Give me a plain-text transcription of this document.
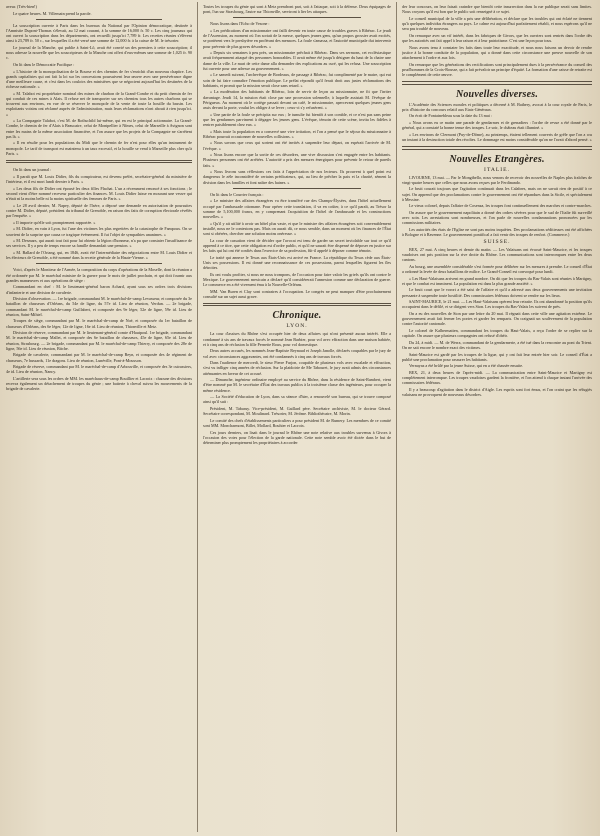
aveur. (Très-bien!)

Le quatre heures. M. Villemain prend la parole.

La souscription ouverte à Paris dans les bureaux du National par l'Opinion démocratique, destinée à l'Amnistie Dupont-Thomas s'élevait, au 12 mai courant, à la somme de 16,000 fr. 50 c. Les cinq journaux qui ont ouvert la souscription dans les départements, ont recueilli jusqu'ici 7,789 fr. Les recettes réunies s'élèvent ainsi à 23,789 fr. 50 c., sur lesquelles il a été versé une somme de 12,000 fr. à la caisse de M. le trésorier.

Le journal de la Manche, qui publie à Saint-Lô, avait été convié un des premiers à cette souscription; il nous adresse la nouvelle que les souscripteurs de la Manche ont offert d'eux-mêmes une somme de 1,025 fr. 90 c.

On lit dans le Démocratie Pacifique :

« L'histoire de la monopolisation de la Bourse et des chemins de fer s'enrichit d'un nouveau chapitre. Les grands capitalistes qui ont fait la loi sur les concessions poursuivent leur œuvre avec une persévérance digne d'une meilleure cause, et c'est dans les couloirs des ministères que se négocient aujourd'hui les destinées de la richesse nationale. »

« M. Talabot est propriétaire nominal des mines de charbon de la Grand-Combe et du petit chemin de fer qui conduit de ces mines à Alais. Il refuse net de transporter sur ses chemins tous les autres charbons qui se trouvent aux environs, en vue de se réserver le monopole de la vente de toute la houille du bassin. Les exploitants voisins ont réclamé auprès de l'administration, mais leurs réclamations n'ont abouti à rien jusqu'ici. »

« La Compagnie Talabot, c'est M. de Rothschild lui-même, qui en est le principal actionnaire. La Grand-Combe, le chemin de fer d'Alais à Beaucaire, celui de Montpellier à Nîmes, celui de Marseille à Avignon sont entre les mains de la même association financière, et l'on assure que les projets de la Compagnie ne s'arrêtent pas là. »

« Il en résulte pour les populations du Midi que le chemin de fer n'est pour elles qu'un instrument de monopole. Le tarif de transport est maintenu à un taux excessif, et la houille se vend à Marseille plus cher qu'à Paris. »

On lit dans un journal :

« Il paraît que M. Louis Didier, fils du conspirateur, est devenu préfet, secrétaire-général du ministère de l'intérieur, et il est mort lundi dernier à Paris. »

« Les deux fils de Didier ont épousé les deux filles Flachat. L'un a récemment renoncé à ses fonctions ; le second vient d'être nommé receveur particulier des finances. M. Louis Didier laisse en mourant une veuve qui n'était ni la moins belle ni la moins spirituelle des femmes de Paris. »

« Le 28 avril dernier, M. Napey, député de l'Isère, a déposé une demande en autorisation de poursuites contre M. Didier, député, président du tribunal de Grenoble, en raison des faits de corruption électorale révélés par l'enquête. »

« Il importe qu'elle soit promptement rapportée. »

« M. Didier, en vain à Lyon, fut l'une des victimes les plus regrettées de la catastrophe de Fampoux. On se souvient de la surprise que causa ce tragique événement. Il fut l'objet de sympathies unanimes. »

« M. Desmars, qui aurait tout fait pour lui obtenir la légion d'honneur, n'a pu que constater l'insuffisance de ses services. Il y a peu de temps encore sa famille demandait une pension. »

« M. Ballard de l'Ortang, qui, en 1846, avait été l'intermédiaire des négociations entre M. Louis Didier et les électeurs de Grenoble, a été nommé dans la recette générale de la Haute-Vienne. »

Voici, d'après le Moniteur de l'Armée, la composition du corps d'opérations de la Moselle, dont la réunion a été ordonnée par M. le maréchal ministre de la guerre pour le mois de juillet prochain, et qui doit fournir aux grandes manœuvres et aux opérations de siège :

Commandant en chef : M. le lieutenant-général baron Achard, ayant sous ses ordres trois divisions d'infanterie et une division de cavalerie.

Division d'observation. — 1re brigade, commandant M. le maréchal-de-camp Levasseur, et composée du 3e bataillon de chasseurs d'Orléans, du 54e de ligne, du 57e id. Lieu de réunion, Verdun. — 2e brigade, commandant M. le maréchal-de-camp Guillabert, et composée des 9e léger, 52e de ligne, 59e id. Lieu de réunion, Saint-Mihiel.

Troupes de siège, commandant par M. le maréchal-de-camp de Noë, et composée du 1er bataillon de chasseurs d'Orléans, des 6e léger, 12e de ligne, 16e id. Lieu de réunion, Thionville et Metz.

Division de réserve, commandant par M. le lieutenant-général comte d'Hautpoul. 1re brigade, commandant M. le maréchal-de-camp Mallet, et composée des 6e bataillon de chasseurs, 45e de ligne, 65e id. Lieu de réunion, Strasbourg. — 2e brigade, commandant par M. le maréchal-de-camp Thierry, et composée des 28e de ligne, 56e id. Lieu de réunion, Bitche.

Brigade de cavalerie, commandant par M. le maréchal-de-camp Reyn, et composée des 4e régiment de chasseurs, 7e hussards, 11e dragons. Lieu de réunion, Lunéville, Pont-à-Mousson.

Brigade de réserve, commandant par M. le maréchal-de-camp d'Arbouville, et composée des 3e cuirassiers, 4e id. Lieu de réunion, Nancy.

L'artillerie sera sous les ordres de MM. les maréchaux-de-camp Bouillier et Lacroix : chacune des divisions recevra également un détachement de troupes du génie ; une batterie à cheval suivra les mouvements de la brigade de cavalerie.

Toutes les troupes du génie qui sont à Metz prendront part, soit à l'attaque, soit à la défense. Deux équipages de pont, l'un sur Strasbourg, l'autre sur Thionville, serviront à lier les attaques.

Nous lisons dans l'Echo de Vesone :

« Les prédications d'un missionnaire ont failli devenir en toute cause de troubles graves à Ribérac. Le jeudi de l'Ascension, au moment où l'on sortait de la messe, quelques jeunes gens, qu'un propos grossier avait excités, se portèrent vers le presbytère en proférant des menaces. La foule s'amassa, et l'autorité municipale dut intervenir pour prévenir de plus graves désordres. »

« Depuis six semaines à peu près, un missionnaire prêchait à Ribérac. Dans ses sermons, cet ecclésiastique avait fréquemment attaqué des personnes honorables. Il avait même été jusqu'à désigner du haut de la chaire une dame de la ville. Le mari de cette dame alla demander des explications au curé, qui les refusa. Une souscription fut ouverte pour une adresse au gouvernement. »

« Le samedi suivant, l'archevêque de Bordeaux, de passage à Ribérac, fut complimenté par le maire, qui eut soin de lui faire connaître l'émotion publique. Le prélat répondit qu'il ferait droit aux justes réclamations des habitants, et promit que la mission serait close sans retard. »

« La modération des habitants de Ribérac, loin de servir de leçon au missionnaire, ne fit que l'irriter davantage. Jeudi 14, la mission était close par une procession solennelle, à laquelle assistait M. l'évêque de Périgueux. Au moment où le cortège passait devant un café, le missionnaire, apercevant quelques jeunes gens assis devant la porte, voulut les obliger à se lever ; ceux-ci s'y refusèrent. »

« Une partie de la foule se précipita sur eux ; le tumulte fut bientôt à son comble, et ce n'est pas sans peine que les gendarmes parvinrent à dégager les jeunes gens. L'évêque, témoin de cette scène, invita les fidèles à rentrer paisiblement chez eux. »

« Mais toute la population en a conservé une vive irritation, et l'on a pensé que le séjour du missionnaire à Ribérac pourrait occasionner de nouvelles collisions. »

« Nous savons que ceux qui sortent ont été invités à suspendre leur départ, on espérait l'arrivée de M. l'évêque. »

« Nous lisons encore que la sortie de ces désordres, une vive discussion s'est engagée entre les habitants. Plusieurs personnes ont été arrêtées. L'autorité a pris des mesures énergiques pour prévenir le retour de pareils faits. »

« Nous livrons sans réflexions ces faits à l'appréciation de nos lecteurs. Ils prouvent à quel point est dangereux le zèle inconsidéré de certains prédicateurs, qui, au lieu de prêcher la paix et la charité, sèment la division dans les familles et font naître des haines. »

On lit dans le Courrier français :

« Le ministre des affaires étrangères va être transféré rue des Champs-Élysées, dans l'hôtel actuellement occupé par l'ambassade ottomane. Pour opérer cette translation, il va en coûter, à ce qu'il paraît, au Trésor la somme de 5,100,000 francs, en y comprenant l'acquisition de l'hôtel de l'ambassade et les constructions nouvelles. »

« Qu'il y ait utilité à avoir un hôtel plus vaste, et que le ministre des affaires étrangères soit convenablement installé, nous ne le contestons pas. Mais on aurait dû, ce nous semble, dans un moment où les finances de l'État sont si obérées, chercher une solution moins onéreuse. »

La cour de cassation vient de décider que l'avocat est tenu de garder un secret inviolable sur tout ce qu'il apprend à ce titre, que cette obligation est d'ordre public, et qu'il ne saurait être dispensé de déposer en justice sur les faits qui lui ont été confiés dans l'exercice de sa profession, fût-il appelé à déposer comme témoin.

Le traité qui annexe le Texas aux États-Unis est arrivé en France. La république du Texas cède aux États-Unis ses possessions. Il est donné une reconnaissance de ces possessions, parmi lesquelles figurent les îles détroites.

Ils ont voulu profiter, si nous ne nous trompons, de l'occasion pour faire valoir les griefs qu'ils ont contre le Mexique. Le gouvernement mexicain a déclaré qu'il considérerait l'annexion comme une déclaration de guerre. Le commerce en a été vivement ému à la Nouvelle-Orléans.

MM. Van Buren et Clay sont contraires à l'occupation. Le congrès ne peut manquer d'être prochainement consulté sur un sujet aussi grave.

Chronique.
LYON.

La cour d'assises du Rhône s'est occupée hier de deux affaires qui n'ont présenté aucun intérêt. Elle a condamné à six ans de travaux forcés le nommé Jean Barbier, pour vol avec effraction dans une maison habitée, et à cinq ans de réclusion la fille Pernette Roux, pour vol domestique.

Deux autres accusés, les nommés Jean-Baptiste Reynaud et Joseph Janolle, déclarés coupables par le jury de vol avec circonstances aggravantes, ont été condamnés à cinq ans de travaux forcés.

Dans l'audience de mercredi, le sieur Pierre Farjon, coupable de plusieurs vols avec escalade et effraction, s'est vu infliger cinq années de réclusion. Sur la plaidoirie de Me Tabouret, le jury avait admis des circonstances atténuantes en faveur de cet accusé.

— Dimanche, ingénieur ordinaire employé au service du Rhône, dans la résidence de Saint-Rambert, vient d'être nommé par M. le secrétaire d'État des travaux publics à la troisième classe des ingénieurs, pour occuper la même résidence.

— La Société d'éducation de Lyon, dans sa séance d'hier, a renouvelé son bureau, qui se trouve composé ainsi qu'il suit :

Président, M. Tabaruy. Vice-président, M. Gaillard père. Secrétaire archiviste, M. le docteur Gérard. Secrétaire correspondant, M. Moulinard. Trésorier, M. Jérôme. Bibliothécaire, M. Morin.

Le comité des chefs d'établissements particuliers a pour président M. de Rumery. Les membres de ce comité sont MM. Moncharmont, Billet, Mollard, Rouhier et Lacroix.

Ces jours derniers, on lisait dans le journal le Rhône une note relative aux troubles survenus à Givors à l'occasion des votes pour l'élection de la garde nationale. Cette note semble avoir été dictée dans le but de déterminer plus promptement les propriétaires à accorder

der leur concours, on leur faisait craindre que bientôt cette insurrection dans la rue publique serait sans limites. Nous croyons qu'il est bon que le public soit renseigné à ce sujet.

Le conseil municipal de la ville a pris une délibération, et déclare que les troubles qui ont éclaté ne tiennent qu'à quelques individus étrangers au pays. Le calme est aujourd'hui parfaitement rétabli, et nous espérons qu'il ne sera pas troublé de nouveau.

On remarque avec un vif intérêt, dans les fabriques de Givors, que les ouvriers sont rentrés dans l'ordre dès que les autorités ont fait appel à leur raison et à leur patriotisme. C'est une leçon pour tous.

Nous avons tenu à constater les faits dans toute leur exactitude, et nous nous faisons un devoir de rendre justice à la bonne conduite de la population, qui a donné dans cette circonstance une preuve nouvelle de son attachement à l'ordre et aux lois.

On remarque que les générations des rectifications sont principalement dues à la persévérance du conseil des prud'hommes de la Croix-Rousse, qui a fait prévaloir un principe d'équité. La formation d'une caisse de retraite est le complément de cette œuvre.

Nouvelles diverses.

L'Académie des Sciences morales et politiques a décerné à M. Bathery, avocat à la cour royale de Paris, le prix d'histoire du concours relatif aux Etats-Généraux.

On écrit de Fontainebleau sous la date du 13 mai :

« Nous avons eu ce matin une parade de gendarmes et de grenadiers : l'ordre de revue a été donné par le général, qui a constaté la bonne tenue des troupes. Le soir, le château était illuminé. »

« Les environs de Clermont (Puy-de-Dôme), au printemps, étaient tellement couverts de grêle que l'on a cru un instant à la destruction totale des récoltes. Le dommage est moins considérable qu'on ne l'avait d'abord pensé. »

Nouvelles Etrangères.
ITALIE.

LIVOURNE, 13 mai. — Par le Mongibello, nous venons de recevoir des nouvelles de Naples plus fraîches de vingt-quatre heures que celles que nous avons reçues par le Ferdinando.

Le bruit courait toujours que l'agitation continuait dans les Calabres, mais on ne savait rien de positif à ce sujet. On apprend que des proclamations contre le gouvernement ont été répandues dans la Sicile, et spécialement à Messine.

Le vieux colonel, depuis l'affaire de Cosenza, les troupes font continuellement des marches et contre-marches.

On assure que le gouvernement napolitain a donné des ordres sévères pour que le sud de l'Italie fût surveillé avec soin. Les arrestations sont nombreuses, et l'on parle de nouvelles condamnations prononcées par les commissions militaires.

Les autorités des états de l'Eglise ne sont pas moins inquiètes. Des proclamations séditieuses ont été affichées à Bologne et à Ravenne. Le gouvernement pontifical a fait venir des troupes de renfort. (Commerce.)

SUISSE.

BEX, 27 mai. A cinq heures et demie du matin. — Les Valaisans ont évacué Saint-Maurice, et les troupes vaudoises ont pris position sur la rive droite du Rhône. Les communications sont interrompues entre les deux cantons.

Au bourg, une assemblée considérable s'est formée pour délibérer sur les mesures à prendre. Le conseil d'État a ordonné la levée de deux bataillons de milice. Le Grand-Conseil est convoqué pour lundi.

« Les Haut-Valaisans arrivent en grand nombre. On dit que les troupes du Bas-Valais sont réunies à Martigny, et que le combat est imminent. La population est dans la plus grande anxiété. »

Le bruit court que le vorort a été saisi de l'affaire et qu'il a adressé aux deux gouvernements une invitation pressante à suspendre toute hostilité. Des commissaires fédéraux doivent se rendre sur les lieux.

SAINT-MAURICE, le 21 mai. — Les Haut-Valaisans opèrent leur retraite. Ils ont abandonné la position qu'ils occupaient dans le défilé, et se dirigent vers Sion. Les troupes du Bas-Valais les suivent de près.

On a eu des nouvelles de Sion par une lettre du 20 mai. Il régnait dans cette ville une agitation extrême. Le gouvernement avait fait fermer les portes et garder les remparts. On craignait un soulèvement de la population contre l'autorité cantonale.

Le colonel de Kalbermatten, commandant les troupes du Haut-Valais, a reçu l'ordre de se replier sur la capitale. On assure que plusieurs compagnies ont refusé d'obéir.

Du 24, à midi. — M. de Werra, commandant de la gendarmerie, a été tué dans la rencontre au pont du Trient. On ne sait encore le nombre exact des victimes.

Saint-Maurice est gardé par les troupes de la ligue, qui y ont fait leur entrée hier soir. Le conseil d'État a publié une proclamation pour rassurer les habitants.

Vernayaz a été brûlé par la jeune Suisse, qui en a été chassée ensuite.

BEX, 21, à deux heures de l'après-midi. — La communication entre Saint-Maurice et Martigny est complètement interrompue. Les troupes vaudoises gardent la frontière, et l'on attend à chaque instant l'arrivée des commissaires fédéraux.

Il y a beaucoup d'agitation dans le district d'Aigle. Les esprits sont fort émus, et l'on craint que les réfugiés valaisans ne provoquent de nouveaux désordres.
